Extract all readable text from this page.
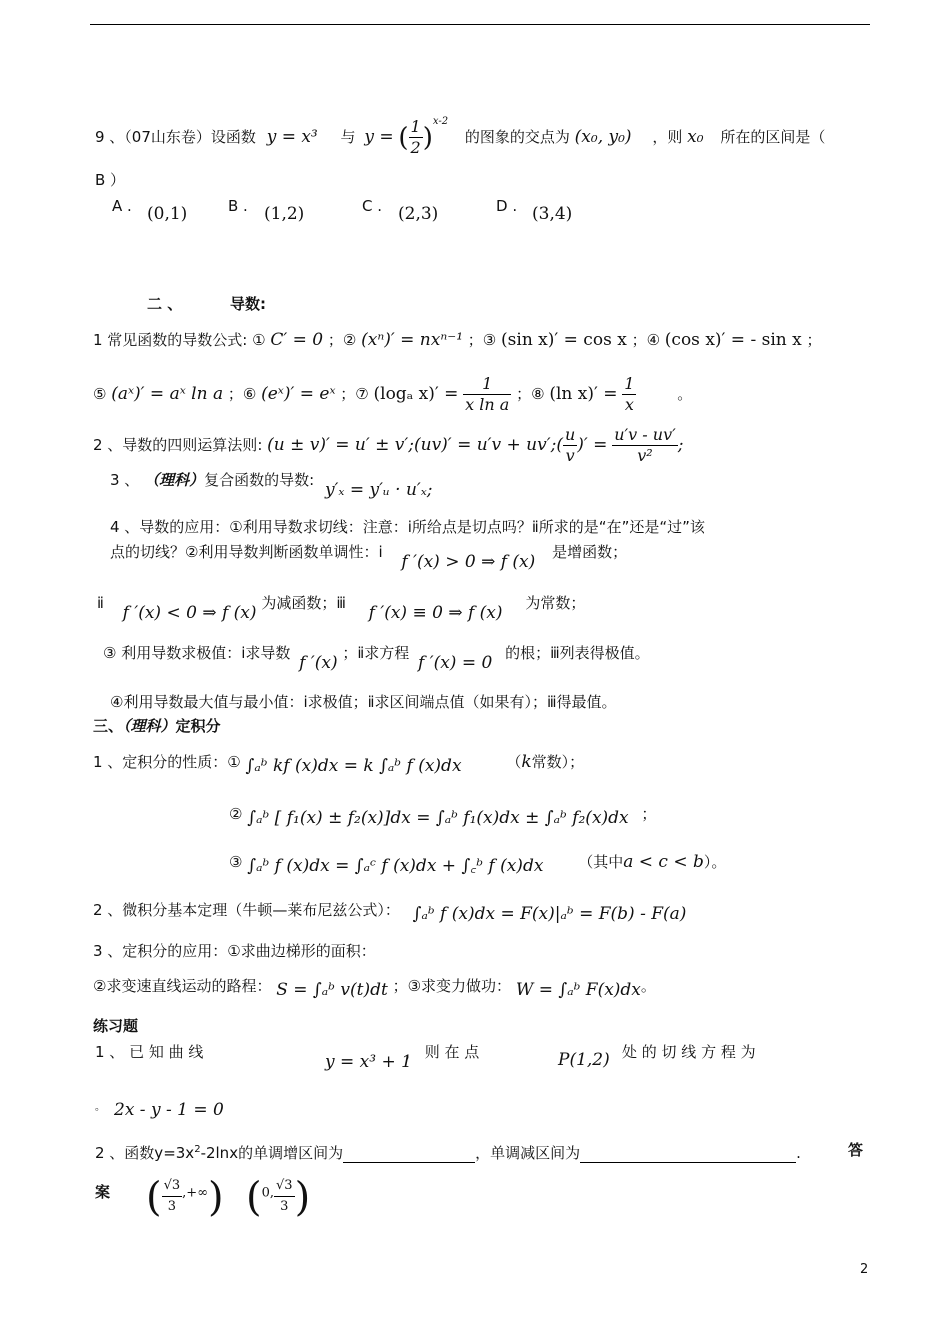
9 、（07山东卷）设函数 y = x³ 与 y = ( $\frac{1}{2} )^{x-2}$ 的图象的交点为 (x₀, y₀) ，则 x₀ 所在的区间是（
B ）
A . (0,1)	B . (1,2)	C . (2,3)	D . (3,4)
二 、	导数:
1 常见函数的导数公式: ① C′ = 0 ；② (xⁿ)′ = nxⁿ⁻¹ ；③ (sin x)′ = cos x ；④ (cos x)′ = - sin x ；
⑤ (aˣ)′ = aˣ ln a ；⑥ (eˣ)′ = eˣ ；⑦ (logₐ $x)' = \frac{1}{\text{x ln a}}$ ；⑧ (ln $x)' = \frac{1}{x}$	。
2 、导数的四则运算法则: (u ± v)′ = u′ ± v′;(uv)′ = u′v + uv′;( $\frac{u}{v}$ )′ = $\frac{u'v - uv'}{\text{v²}}$ ;
3 、 （理科）复合函数的导数: y′ₓ = y′ᵤ · u′ₓ;
4 、导数的应用：①利用导数求切线：注意：ⅰ所给点是切点吗？ⅱ所求的是“在”还是“过”该
点的切线？②利用导数判断函数单调性：ⅰ f ′(x) > 0 ⇒ f (x) 是增函数；
ⅱ f ′(x) < 0 ⇒ f (x) 为减函数；ⅲ f ′(x) ≡ 0 ⇒ f (x) 为常数；
③ 利用导数求极值：ⅰ求导数 f ′(x) ；ⅱ求方程 f ′(x) = 0 的根；ⅲ列表得极值。
④利用导数最大值与最小值：ⅰ求极值；ⅱ求区间端点值（如果有）；ⅲ得最值。
三、（理科）定积分
1 、定积分的性质：① ∫ₐᵇ kf (x)dx = k ∫ₐᵇ f (x)dx	（k常数）；
② ∫ₐᵇ [ f₁(x) ± f₂(x)]dx = ∫ₐᵇ f₁(x)dx ± ∫ₐᵇ f₂(x)dx ；
③ ∫ₐᵇ f (x)dx = ∫ₐᶜ f (x)dx + ∫꜀ᵇ f (x)dx （其中a < c < b）。
2 、微积分基本定理（牛顿—莱布尼兹公式）： ∫ₐᵇ f (x)dx = F(x)|ₐᵇ = F(b) - F(a)
3 、定积分的应用：①求曲边梯形的面积：
②求变速直线运动的路程： S = ∫ₐᵇ v(t)dt ；③求变力做功： W = ∫ₐᵇ F(x)dx。
练习题
1 、 已 知 曲 线	y = x³ + 1
， 则 在 点	P(1,2) 处 的 切 线 方 程 为
。 2x - y - 1 = 0
2 、函数$y=3x^2-2\ln x$的单调增区间为	，单调减区间为	.	答
案 ( $\frac{√3}{3}$ ,+∞) (0, $\frac{√3}{3}$ )
2
